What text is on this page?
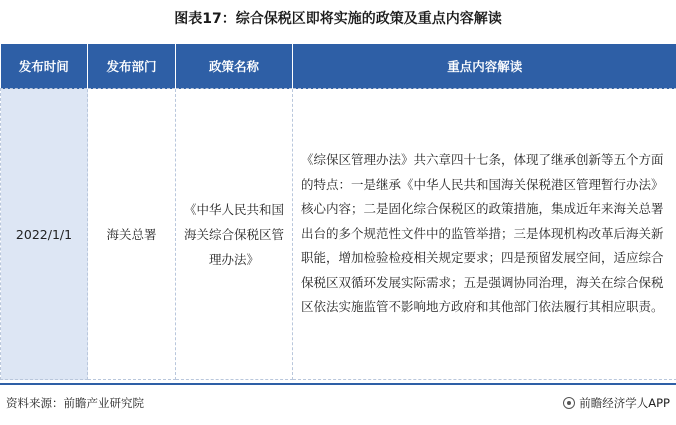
图表17：综合保税区即将实施的政策及重点内容解读
发布时间	发布部门	政策名称	重点内容解读
2022/1/1	海关总署	《中华人民共和国海关综合保税区管理办法》	《综保区管理办法》共六章四十七条，体现了继承创新等五个方面的特点：一是继承《中华人民共和国海关保税港区管理暂行办法》核心内容；二是固化综合保税区的政策措施，集成近年来海关总署出台的多个规范性文件中的监管举措；三是体现机构改革后海关新职能，增加检验检疫相关规定要求；四是预留发展空间，适应综合保税区双循环发展实际需求；五是强调协同治理，海关在综合保税区依法实施监管不影响地方政府和其他部门依法履行其相应职责。
资料来源：前瞻产业研究院	前瞻经济学人APP
